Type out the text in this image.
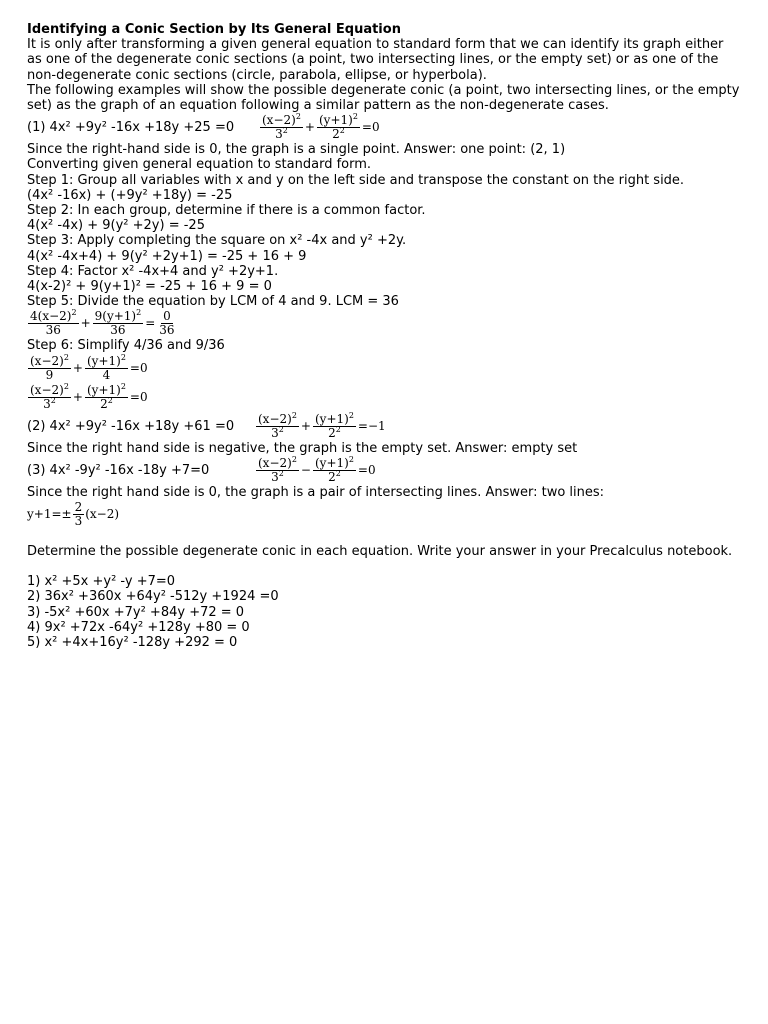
Identifying a Conic Section by Its General Equation
It is only after transforming a given general equation to standard form that we can identify its graph either as one of the degenerate conic sections (a point, two intersecting lines, or the empty set) or as one of the non-degenerate conic sections (circle, parabola, ellipse, or hyperbola).
The following examples will show the possible degenerate conic (a point, two intersecting lines, or the empty set) as the graph of an equation following a similar pattern as the non-degenerate cases.
(1) 4x² +9y² -16x +18y +25 =0	$\frac{(x-2)^2}{3^2} + \frac{(y+1)^2}{2^2} =0$
Since the right-hand side is 0, the graph is a single point. Answer: one point: (2, 1)
Converting given general equation to standard form.
Step 1: Group all variables with x and y on the left side and transpose the constant on the right side.
(4x² -16x) + (+9y² +18y) = -25
Step 2: In each group, determine if there is a common factor.
4(x² -4x) + 9(y² +2y) = -25
Step 3: Apply completing the square on x² -4x and y² +2y.
4(x² -4x+4) + 9(y² +2y+1) = -25 + 16 + 9
Step 4: Factor x² -4x+4 and y² +2y+1.
4(x-2)² + 9(y+1)² = -25 + 16 + 9 = 0
Step 5: Divide the equation by LCM of 4 and 9. LCM = 36
$\frac{4(x-2)^2}{36} + \frac{9(y+1)^2}{36} = \frac{0}{36}$
Step 6: Simplify 4/36 and 9/36
$\frac{(x-2)^2}{9} + \frac{(y+1)^2}{4} =0$
$\frac{(x-2)^2}{3^2} + \frac{(y+1)^2}{2^2} =0$
(2) 4x² +9y² -16x +18y +61 =0	$\frac{(x-2)^2}{3^2} + \frac{(y+1)^2}{2^2} =-1$
Since the right hand side is negative, the graph is the empty set. Answer: empty set
(3) 4x² -9y² -16x -18y +7=0	$\frac{(x-2)^2}{3^2} - \frac{(y+1)^2}{2^2} =0$
Since the right hand side is 0, the graph is a pair of intersecting lines. Answer: two lines:
$y+1=\pm \frac{2}{3} (x-2)$
Determine the possible degenerate conic in each equation. Write your answer in your Precalculus notebook.
1) x² +5x +y² -y +7=0
2) 36x² +360x +64y² -512y +1924 =0
3) -5x² +60x +7y² +84y +72 = 0
4) 9x² +72x -64y² +128y +80 = 0
5) x² +4x+16y² -128y +292 = 0
